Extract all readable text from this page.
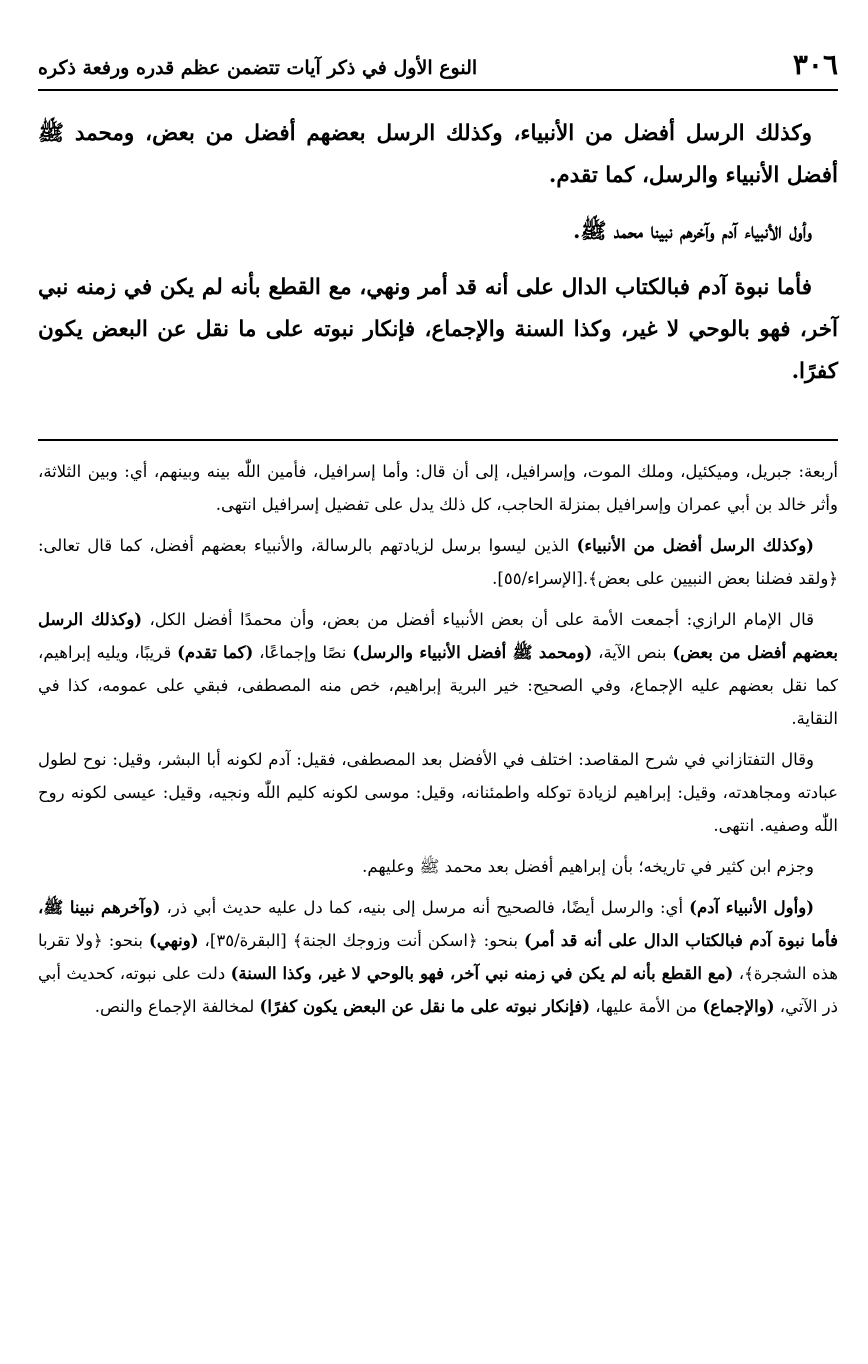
٣٠٦
النوع الأول في ذكر آيات تتضمن عظم قدره ورفعة ذكره

وكذلك الرسل أفضل من الأنبياء، وكذلك الرسل بعضهم أفضل من بعض، ومحمد ﷺ أفضل الأنبياء والرسل، كما تقدم.

وأول الأنبياء آدم وآخرهم نبينا محمد ﷺ.

فأما نبوة آدم فبالكتاب الدال على أنه قد أمر ونهي، مع القطع بأنه لم يكن في زمنه نبي آخر، فهو بالوحي لا غير، وكذا السنة والإجماع، فإنكار نبوته على ما نقل عن البعض يكون كفرًا.

أربعة: جبريل، وميكئيل، وملك الموت، وإسرافيل، إلى أن قال: وأما إسرافيل، فأمين اللّٰه بينه وبينهم، أي: وبين الثلاثة، وأثر خالد بن أبي عمران وإسرافيل بمنزلة الحاجب، كل ذلك يدل على تفضيل إسرافيل انتهى.

(وكذلك الرسل أفضل من الأنبياء) الذين ليسوا برسل لزيادتهم بالرسالة، والأنبياء بعضهم أفضل، كما قال تعالى: ﴿ولقد فضلنا بعض النبيين على بعض﴾.[الإسراء/٥٥].

قال الإمام الرازي: أجمعت الأمة على أن بعض الأنبياء أفضل من بعض، وأن محمدًا أفضل الكل، (وكذلك الرسل بعضهم أفضل من بعض) بنص الآية، (ومحمد ﷺ أفضل الأنبياء والرسل) نصًا وإجماعًا، (كما تقدم) قريبًا، ويليه إبراهيم، كما نقل بعضهم عليه الإجماع، وفي الصحيح: خير البرية إبراهيم، خص منه المصطفى، فبقي على عمومه، كذا في النقاية.

وقال التفتازاني في شرح المقاصد: اختلف في الأفضل بعد المصطفى، فقيل: آدم لكونه أبا البشر، وقيل: نوح لطول عبادته ومجاهدته، وقيل: إبراهيم لزيادة توكله واطمئنانه، وقيل: موسى لكونه كليم اللّٰه ونجيه، وقيل: عيسى لكونه روح اللّٰه وصفيه. انتهى.

وجزم ابن كثير في تاريخه؛ بأن إبراهيم أفضل بعد محمد ﷺ وعليهم.

(وأول الأنبياء آدم) أي: والرسل أيضًا، فالصحيح أنه مرسل إلى بنيه، كما دل عليه حديث أبي ذر، (وآخرهم نبينا ﷺ، فأما نبوة آدم فبالكتاب الدال على أنه قد أمر) بنحو: ﴿اسكن أنت وزوجك الجنة﴾ [البقرة/٣٥]، (ونهي) بنحو: ﴿ولا تقربا هذه الشجرة﴾، (مع القطع بأنه لم يكن في زمنه نبي آخر، فهو بالوحي لا غير، وكذا السنة) دلت على نبوته، كحديث أبي ذر الآتي، (والإجماع) من الأمة عليها، (فإنكار نبوته على ما نقل عن البعض يكون كفرًا) لمخالفة الإجماع والنص.
